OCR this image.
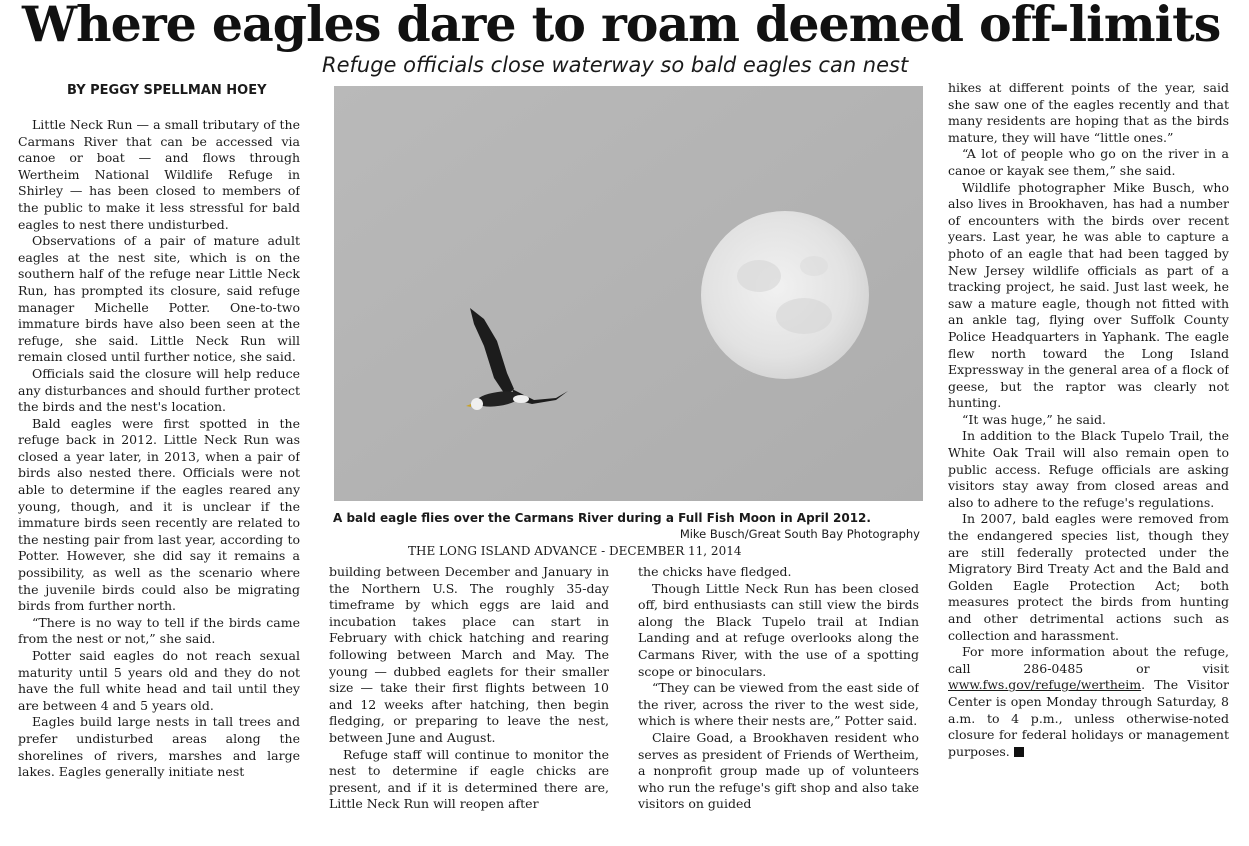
Where eagles dare to roam deemed off-limits
Refuge officials close waterway so bald eagles can nest
BY PEGGY SPELLMAN HOEY

Little Neck Run — a small tributary of the Carmans River that can be accessed via canoe or boat — and flows through Wertheim National Wildlife Refuge in Shirley — has been closed to members of the public to make it less stressful for bald eagles to nest there undisturbed.

Observations of a pair of mature adult eagles at the nest site, which is on the southern half of the refuge near Little Neck Run, has prompted its closure, said refuge manager Michelle Potter. One-to-two immature birds have also been seen at the refuge, she said. Little Neck Run will remain closed until further notice, she said.

Officials said the closure will help reduce any disturbances and should further protect the birds and the nest's location.

Bald eagles were first spotted in the refuge back in 2012. Little Neck Run was closed a year later, in 2013, when a pair of birds also nested there. Officials were not able to determine if the eagles reared any young, though, and it is unclear if the immature birds seen recently are related to the nesting pair from last year, according to Potter. However, she did say it remains a possibility, as well as the scenario where the juvenile birds could also be migrating birds from further north.

“There is no way to tell if the birds came from the nest or not,” she said.

Potter said eagles do not reach sexual maturity until 5 years old and they do not have the full white head and tail until they are between 4 and 5 years old.

Eagles build large nests in tall trees and prefer undisturbed areas along the shorelines of rivers, marshes and large lakes. Eagles generally initiate nest

A bald eagle flies over the Carmans River during a Full Fish Moon in April 2012.
Mike Busch/Great South Bay Photography
THE LONG ISLAND ADVANCE - DECEMBER 11, 2014

building between December and January in the Northern U.S. The roughly 35-day timeframe by which eggs are laid and incubation takes place can start in February with chick hatching and rearing following between March and May. The young — dubbed eaglets for their smaller size — take their first flights between 10 and 12 weeks after hatching, then begin fledging, or preparing to leave the nest, between June and August.

Refuge staff will continue to monitor the nest to determine if eagle chicks are present, and if it is determined there are, Little Neck Run will reopen after

the chicks have fledged.

Though Little Neck Run has been closed off, bird enthusiasts can still view the birds along the Black Tupelo trail at Indian Landing and at refuge overlooks along the Carmans River, with the use of a spotting scope or binoculars.

“They can be viewed from the east side of the river, across the river to the west side, which is where their nests are,” Potter said.

Claire Goad, a Brookhaven resident who serves as president of Friends of Wertheim, a nonprofit group made up of volunteers who run the refuge's gift shop and also take visitors on guided

hikes at different points of the year, said she saw one of the eagles recently and that many residents are hoping that as the birds mature, they will have “little ones.”

“A lot of people who go on the river in a canoe or kayak see them,” she said.

Wildlife photographer Mike Busch, who also lives in Brookhaven, has had a number of encounters with the birds over recent years. Last year, he was able to capture a photo of an eagle that had been tagged by New Jersey wildlife officials as part of a tracking project, he said. Just last week, he saw a mature eagle, though not fitted with an ankle tag, flying over Suffolk County Police Headquarters in Yaphank. The eagle flew north toward the Long Island Expressway in the general area of a flock of geese, but the raptor was clearly not hunting.

“It was huge,” he said.

In addition to the Black Tupelo Trail, the White Oak Trail will also remain open to public access. Refuge officials are asking visitors stay away from closed areas and also to adhere to the refuge's regulations.

In 2007, bald eagles were removed from the endangered species list, though they are still federally protected under the Migratory Bird Treaty Act and the Bald and Golden Eagle Protection Act; both measures protect the birds from hunting and other detrimental actions such as collection and harassment.

For more information about the refuge, call 286-0485 or visit www.fws.gov/refuge/wertheim. The Visitor Center is open Monday through Saturday, 8 a.m. to 4 p.m., unless otherwise-noted closure for federal holidays or management purposes.
